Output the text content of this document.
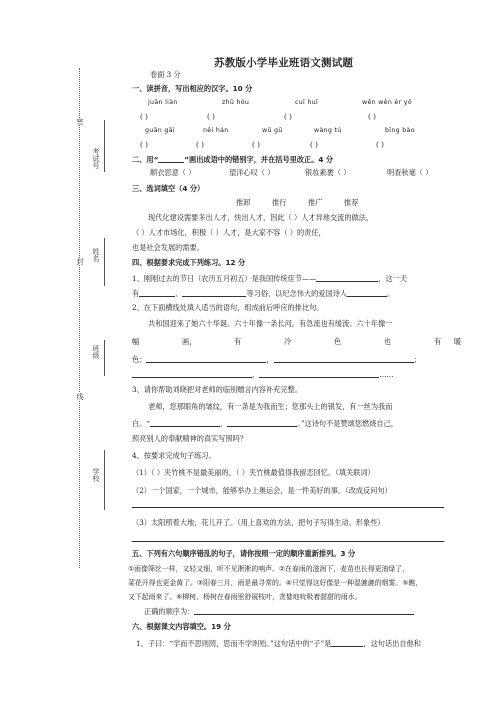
密
封
线
考试号
姓名
班级
学校
苏教版小学毕业班语文测试题
卷面 3 分
一、读拼音，写出相应的汉字。10 分
juān liàn	zhū hóu	cuī huǐ	wěn wěn ér yǒ
( )	( )	( )	( )
guān gāi	něi hán	wǔ gū	wàng tú	bīng bào
( )	( )	( )	( )	( )
二、用“	”画出成语中的错别字，并在括号里改正。4 分
顺衣思意（ ）	望洋心叹（ ）	银妆素裹（ ）	明查秋毫（ ）
三、选词填空（4 分）
推卸	推行	推广	推荐
现代化建设需要多出人才，快出人才，因此（ ）人才异地交流的做法，
（ ）人才市场化，积极（ ）人才，是大家不容（ ）的责任，
也是社会发展的需要。
四、根据要求完成下列练习。12 分
1、刚刚过去的节日（农历五月初五）是我国传统佳节——	，这一天
有	、	等习俗，以纪念伟大的爱国诗人	。
2、在下面横线处填入适当的语句，组成前后呼应的排比句。
共和国迎来了她六十华诞。六十年像一条长河，有急流也有缓流；六十年像一
幅	画，	有	冷	色	也	有 暖
色；	，	；
，	……
3、请你帮助刘晓把对老师的临别赠言内容补充完整。
老师，您那眼角的皱纹，有一条是为我而生；您那头上的银发，有一丝为我而
白。“	，	。”这诗句不是赞颂您燃烧自己，
照亮别人的奉献精神的真实写照吗？
4、按要求完成句子练习。
（1）（ ）夹竹桃不是最美丽的，（ ）夹竹桃最值得我留恋回忆。（填关联词）
（2）一个国家，一个城市，能够举办上奥运会，是一件美好的事。（改成反问句）
（3）太阳照着大地，花儿开了。（用上喜欢的方法，把句子写得生动、形象些）
五、下列有六句顺序错乱的句子，请你按照一定的顺序重新排列。3 分
①雨像筛丝一样，又轻又细，听不见淅淅的响声。②在春雨的滋润下，麦苗也长得更油绿了，
菜花开得也更金黄了。③阳春三月，雨是最寻常的。④只觉得这好像是一种湿漉漉的烟雾。⑤瞧，
又下起雨来了。⑥柳树、杨树在春雨里舒展枝叶，贪婪地吮吸着甜甜的雨水。
正确的顺序为：
六、根据课文内容填空。19 分
1、子曰：“学而不思则罔，思而不学则殆。”这句话中的“子”是	，这句话出自他和
